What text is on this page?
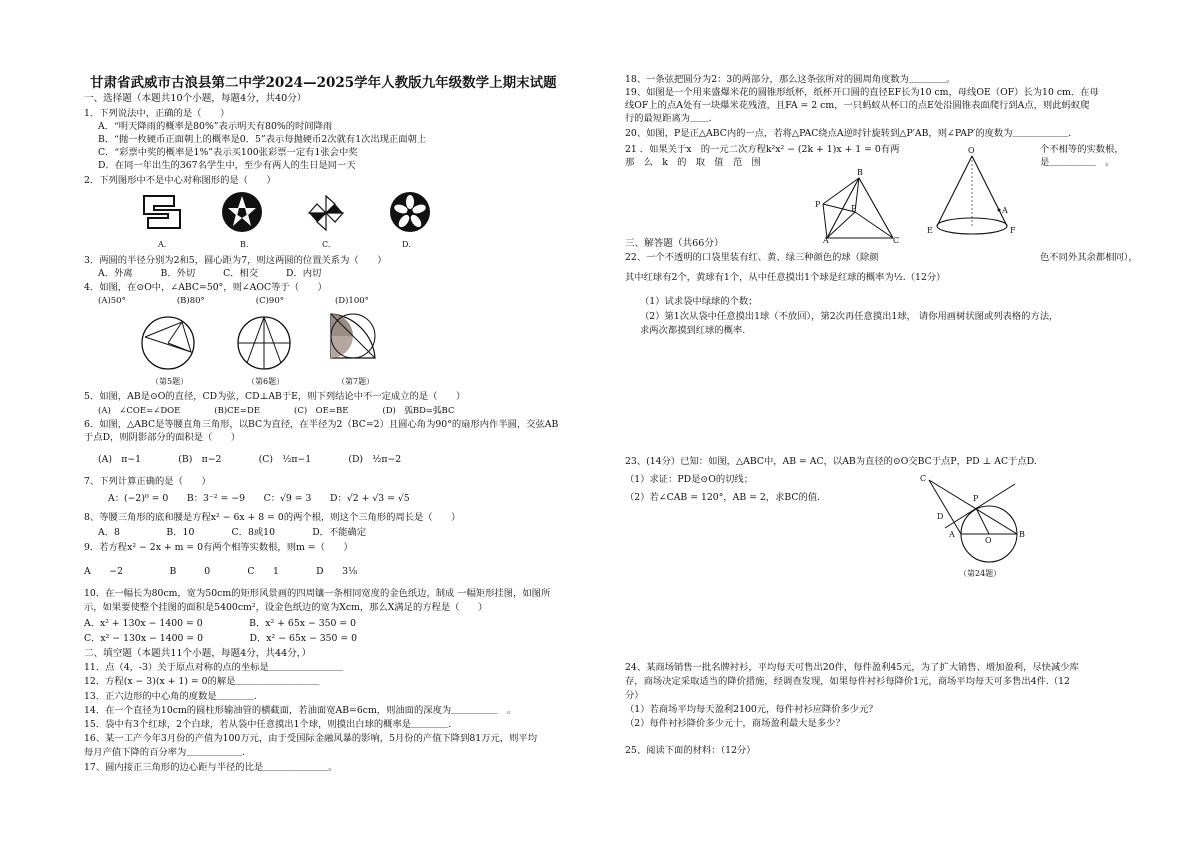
甘肃省武威市古浪县第二中学2024—2025学年人教版九年级数学上期末试题
一、选择题（本题共10个小题，每题4分，共40分）
1．下列说法中，正确的是（　　）
A．“明天降雨的概率是80%”表示明天有80%的时间降雨
B．“抛一枚硬币正面朝上的概率是0．5”表示每抛硬币2次就有1次出现正面朝上
C．“彩票中奖的概率是1%”表示买100张彩票一定有1张会中奖
D．在同一年出生的367名学生中，至少有两人的生日是同一天
2．下列图形中不是中心对称图形的是（　　）
A.	B.	C.	D.
3．两圆的半径分别为2和5，圆心距为7，则这两圆的位置关系为（　　）
A．外离　　　B．外切　　　C．相交　　　D．内切
4．如图，在⊙O中，∠ABC=50°，则∠AOC等于（　　）
(A)50°　　　　　　(B)80°　　　　　　(C)90°　　　　　　(D)100°
（第5题）	（第6题）	（第7题）
5．如图，AB是⊙O的直径，CD为弦，CD⊥AB于E，则下列结论中不一定成立的是（　　）
(A)　∠COE=∠DOE　　　　(B)CE=DE　　　　(C)　OE=BE　　　　(D)　弧BD=弧BC
6．如图，△ABC是等腰直角三角形，以BC为直径，在半径为2（BC=2）且圆心角为90°的扇形内作半圆，交弦AB
于点D，则阴影部分的面积是（　　）
(A)　π−1　　　　(B)　π−2　　　　(C)　½π−1　　　　(D)　½π−2
7、下列计算正确的是（　　）
A：(−2)⁰ = 0　　B：3⁻² = −9　　C：√9 = 3　　D：√2 + √3 = √5
8、等腰三角形的底和腰是方程x² − 6x + 8 = 0的两个根，则这个三角形的周长是（　　）
A．8　　　　　B．10　　　　C．8或10　　　　D．不能确定
9．若方程x² − 2x + m = 0有两个相等实数根，则m =（　　）
A　　−2　　　　　B　　　0　　　　C　　1　　　　D　　3⅛
10．在一幅长为80cm，宽为50cm的矩形风景画的四周镶一条相同宽度的金色纸边，制成 一幅矩形挂图，如图所
示，如果要使整个挂图的面积是5400cm²，设金色纸边的宽为Xcm，那么X满足的方程是（　　）
A．x² + 130x − 1400 = 0　　　　　B．x² + 65x − 350 = 0
C．x² − 130x − 1400 = 0　　　　　D．x² − 65x − 350 = 0
二、填空题（本题共11个小题，每题4分，共44分，）
11．点（4，-3）关于原点对称的点的坐标是＿＿＿＿＿＿＿＿
12．方程(x − 3)(x + 1) = 0的解是＿＿＿＿＿＿＿＿＿
13．正六边形的中心角的度数是＿＿＿＿.
14．在一个直径为10cm的圆柱形输油管的横截面，若油面宽AB=6cm，则油面的深度为＿＿＿＿＿　。
15．袋中有3个红球，2个白球，若从袋中任意摸出1个球，则摸出白球的概率是＿＿＿＿.
16、某一工产今年3月份的产值为100万元，由于受国际金融风暴的影响，5月份的产值下降到81万元，则平均
每月产值下降的百分率为＿＿＿＿＿＿.
17、圆内接正三角形的边心距与半径的比是＿＿＿＿＿＿＿。
18、一条弦把圆分为2：3的两部分，那么这条弦所对的圆周角度数为＿＿＿＿。
19、如图是一个用来盛爆米花的圆锥形纸杯，纸杯开口圆的直径EF长为10 cm，母线OE（OF）长为10 cm．在母
线OF上的点A处有一块爆米花残渣，且FA = 2 cm，一只蚂蚁从杯口的点E处沿圆锥表面爬行到A点，则此蚂蚁爬
行的最短距离为＿＿.
20、如图，P是正△ABC内的一点，若将△PAC绕点A逆时针旋转到△P′AB，则∠PAP′的度数为＿＿＿＿＿＿.
21 ．如果关于x　的一元二次方程k²x² − (2k + 1)x + 1 = 0有两	个不相等的实数根，
那　么　k　的　取　值　范　围	是＿＿＿＿＿　。
B
P	P
A	C
O
A
E	F
三、解答题（共66分）
22、一个不透明的口袋里装有红、黄、绿三种颜色的球（除颜	色不同外其余都相同），
其中红球有2个，黄球有1个，从中任意摸出1个球是红球的概率为½.（12分）
（1）试求袋中绿球的个数；
（2）第1次从袋中任意摸出1球（不放回），第2次再任意摸出1球， 请你用画树状图或列表格的方法，
求两次都摸到红球的概率.
23、(14分）已知：如图，△ABC中，AB = AC，以AB为直径的⊙O交BC于点P，PD ⊥ AC于点D.
（1）求证：PD是⊙O的切线；
（2）若∠CAB = 120°，AB = 2，求BC的值.
C
P
D
A
O
B
（第24题）
24、某商场销售一批名牌衬衫，平均每天可售出20件，每件盈利45元，为了扩大销售、增加盈利，尽快减少库
存，商场决定采取适当的降价措施，经调查发现，如果每件衬衫每降价1元，商场平均每天可多售出4件.（12
分）
（1）若商场平均每天盈利2100元，每件衬衫应降价多少元？
（2）每件衬衫降价多少元十，商场盈利最大是多少？
25、阅读下面的材料：（12分）
